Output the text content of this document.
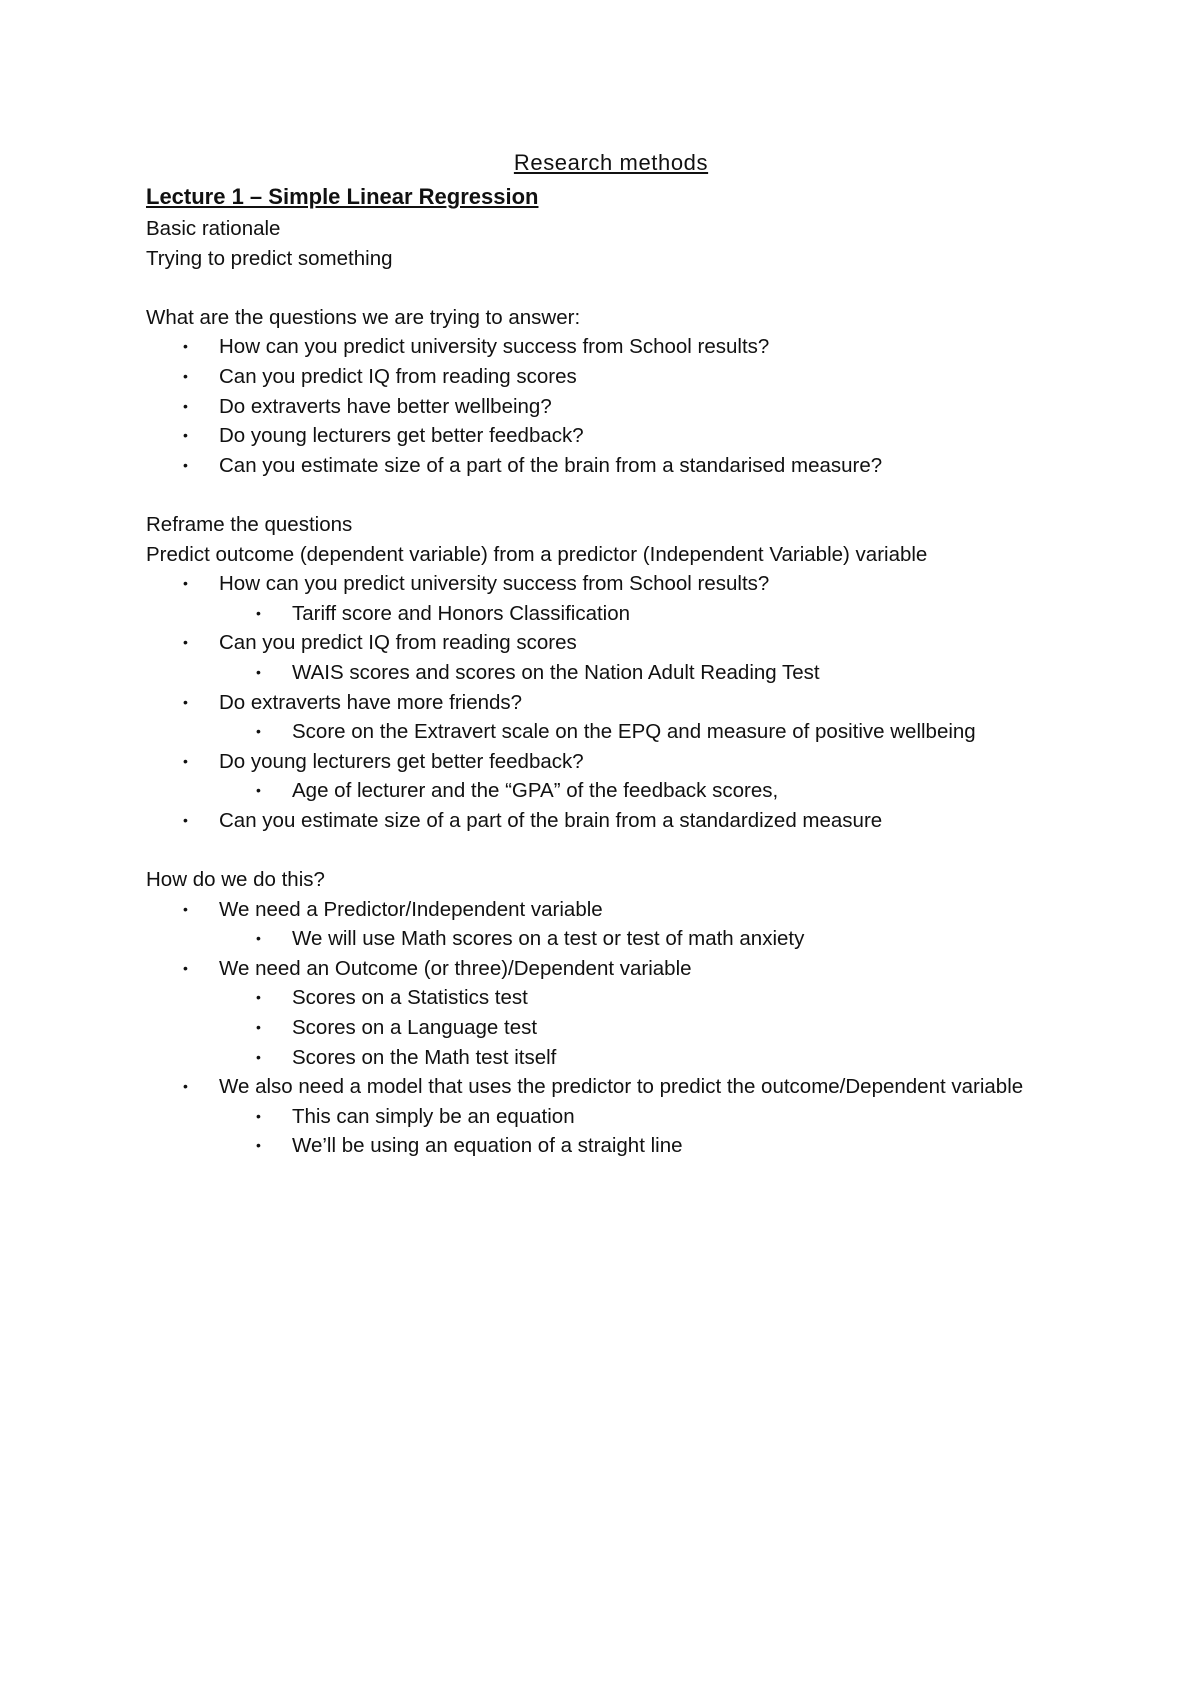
Research methods
Lecture 1 – Simple Linear Regression

Basic rationale

Trying to predict something

What are the questions we are trying to answer:

• How can you predict university success from School results?
• Can you predict IQ from reading scores
• Do extraverts have better wellbeing?
• Do young lecturers get better feedback?
• Can you estimate size of a part of the brain from a standarised measure?

Reframe the questions

Predict outcome (dependent variable) from a predictor (Independent Variable) variable

• How can you predict university success from School results?
• Tariff score and Honors Classification
• Can you predict IQ from reading scores
• WAIS scores and scores on the Nation Adult Reading Test
• Do extraverts have more friends?
• Score on the Extravert scale on the EPQ and measure of positive wellbeing
• Do young lecturers get better feedback?
• Age of lecturer and the “GPA” of the feedback scores,
• Can you estimate size of a part of the brain from a standardized measure

How do we do this?

• We need a Predictor/Independent variable
• We will use Math scores on a test or test of math anxiety
• We need an Outcome (or three)/Dependent variable
• Scores on a Statistics test
• Scores on a Language test
• Scores on the Math test itself
• We also need a model that uses the predictor to predict the outcome/Dependent variable
• This can simply be an equation
• We’ll be using an equation of a straight line
